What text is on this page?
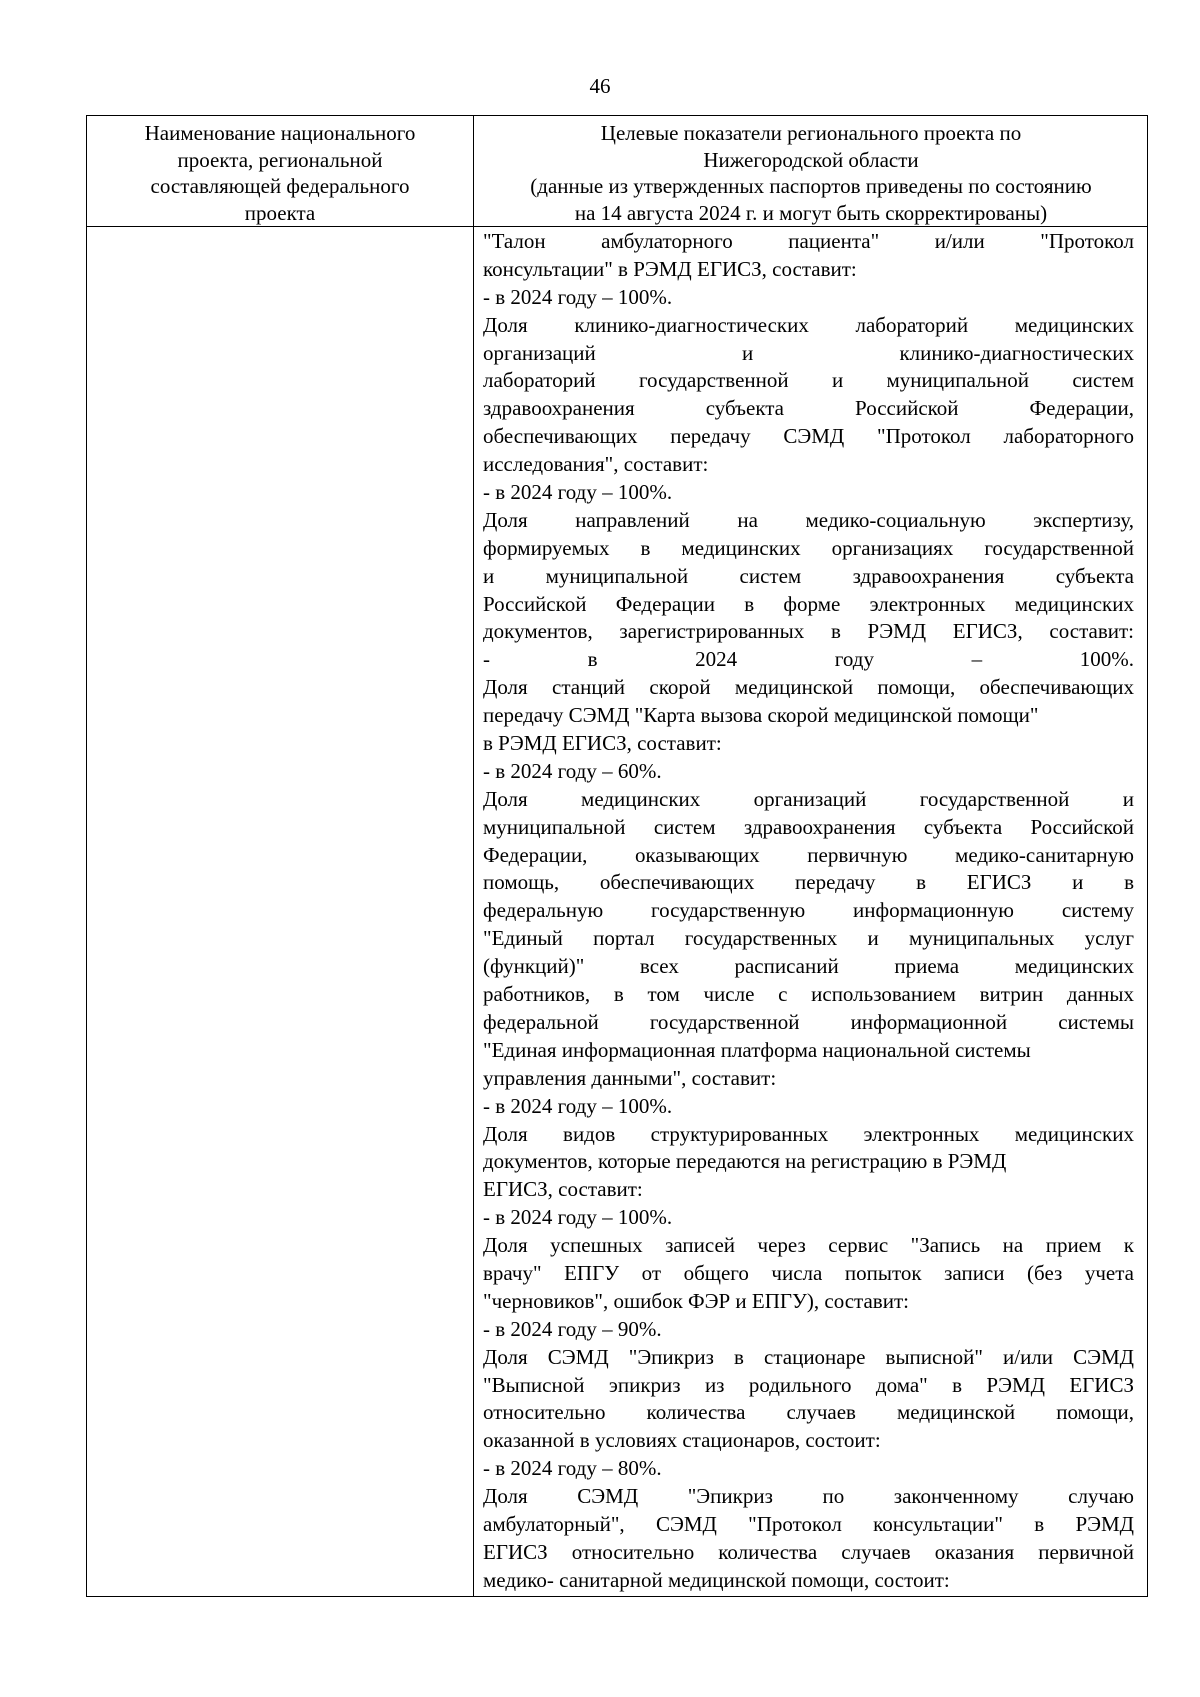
46
Наименование национального
проекта, региональной
составляющей федерального
проекта
Целевые показатели регионального проекта по
Нижегородской области
(данные из утвержденных паспортов приведены по состоянию
на 14 августа 2024 г. и могут быть скорректированы)
"Талон амбулаторного пациента" и/или "Протокол
консультации" в РЭМД ЕГИСЗ, составит:
- в 2024 году – 100%.
Доля клинико-диагностических лабораторий медицинских
организаций и клинико-диагностических
лабораторий государственной и муниципальной систем
здравоохранения субъекта Российской Федерации,
обеспечивающих передачу СЭМД "Протокол лабораторного
исследования", составит:
- в 2024 году – 100%.
Доля направлений на медико-социальную экспертизу,
формируемых в медицинских организациях государственной
и муниципальной систем здравоохранения субъекта
Российской Федерации в форме электронных медицинских
документов, зарегистрированных в РЭМД ЕГИСЗ, составит:
- в 2024 году – 100%.
Доля станций скорой медицинской помощи, обеспечивающих
передачу СЭМД "Карта вызова скорой медицинской помощи"
в РЭМД ЕГИСЗ, составит:
- в 2024 году – 60%.
Доля медицинских организаций государственной и
муниципальной систем здравоохранения субъекта Российской
Федерации, оказывающих первичную медико-санитарную
помощь, обеспечивающих передачу в ЕГИСЗ и в
федеральную государственную информационную систему
"Единый портал государственных и муниципальных услуг
(функций)" всех расписаний приема медицинских
работников, в том числе с использованием витрин данных
федеральной государственной информационной системы
"Единая информационная платформа национальной системы
управления данными", составит:
- в 2024 году – 100%.
Доля видов структурированных электронных медицинских
документов, которые передаются на регистрацию в РЭМД
ЕГИСЗ, составит:
- в 2024 году – 100%.
Доля успешных записей через сервис "Запись на прием к
врачу" ЕПГУ от общего числа попыток записи (без учета
"черновиков", ошибок ФЭР и ЕПГУ), составит:
- в 2024 году – 90%.
Доля СЭМД "Эпикриз в стационаре выписной" и/или СЭМД
"Выписной эпикриз из родильного дома" в РЭМД ЕГИСЗ
относительно количества случаев медицинской помощи,
оказанной в условиях стационаров, состоит:
- в 2024 году – 80%.
Доля СЭМД "Эпикриз по законченному случаю
амбулаторный", СЭМД "Протокол консультации" в РЭМД
ЕГИСЗ относительно количества случаев оказания первичной
медико- санитарной медицинской помощи, состоит:
